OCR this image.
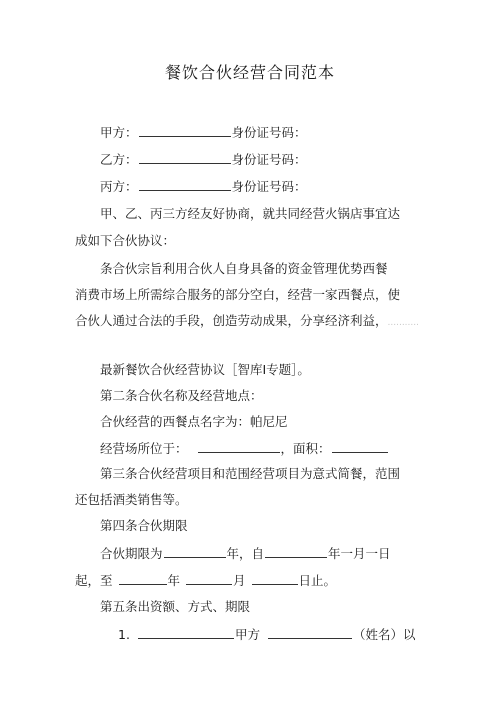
餐饮合伙经营合同范本
甲方：	身份证号码：
乙方：	身份证号码：
丙方：	身份证号码：
甲、乙、丙三方经友好协商，就共同经营火锅店事宜达
成如下合伙协议：
条合伙宗旨利用合伙人自身具备的资金管理优势西餐
消费市场上所需综合服务的部分空白，经营一家西餐点，使
合伙人通过合法的手段，创造劳动成果，分享经济利益，...........
最新餐饮合伙经营协议［智库I专题］。
第二条合伙名称及经营地点：
合伙经营的西餐点名字为：帕尼尼
经营场所位于：	，面积：
第三条合伙经营项目和范围经营项目为意式简餐，范围
还包括酒类销售等。
第四条合伙期限
合伙期限为	年，自	年一月一日
起，至	年	月	日止。
第五条出资额、方式、期限
1.	甲方	（姓名）以
